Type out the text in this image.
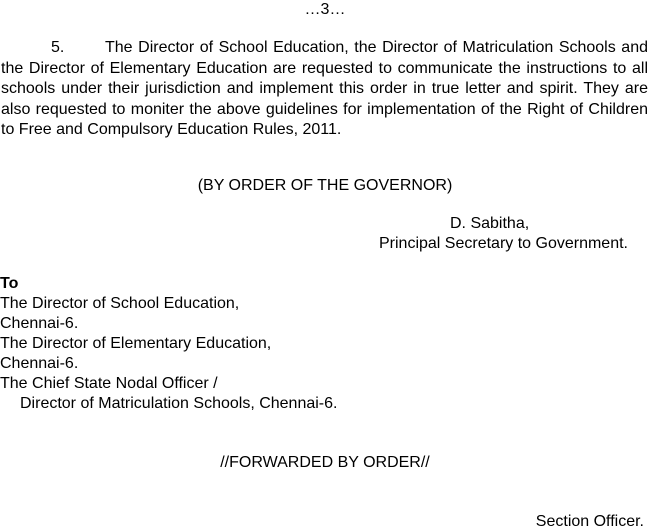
…3…
5.	The Director of School Education, the Director of Matriculation Schools and the Director of Elementary Education are requested to communicate the instructions to all schools under their jurisdiction and implement this order in true letter and spirit. They are also requested to moniter the above guidelines for implementation of the Right of Children to Free and Compulsory Education Rules, 2011.
(BY ORDER OF THE GOVERNOR)
D. Sabitha,
Principal Secretary to Government.
To
The Director of School Education,
Chennai-6.
The Director of Elementary Education,
Chennai-6.
The Chief State Nodal Officer /
Director of Matriculation Schools, Chennai-6.
//FORWARDED BY ORDER//
Section Officer.
